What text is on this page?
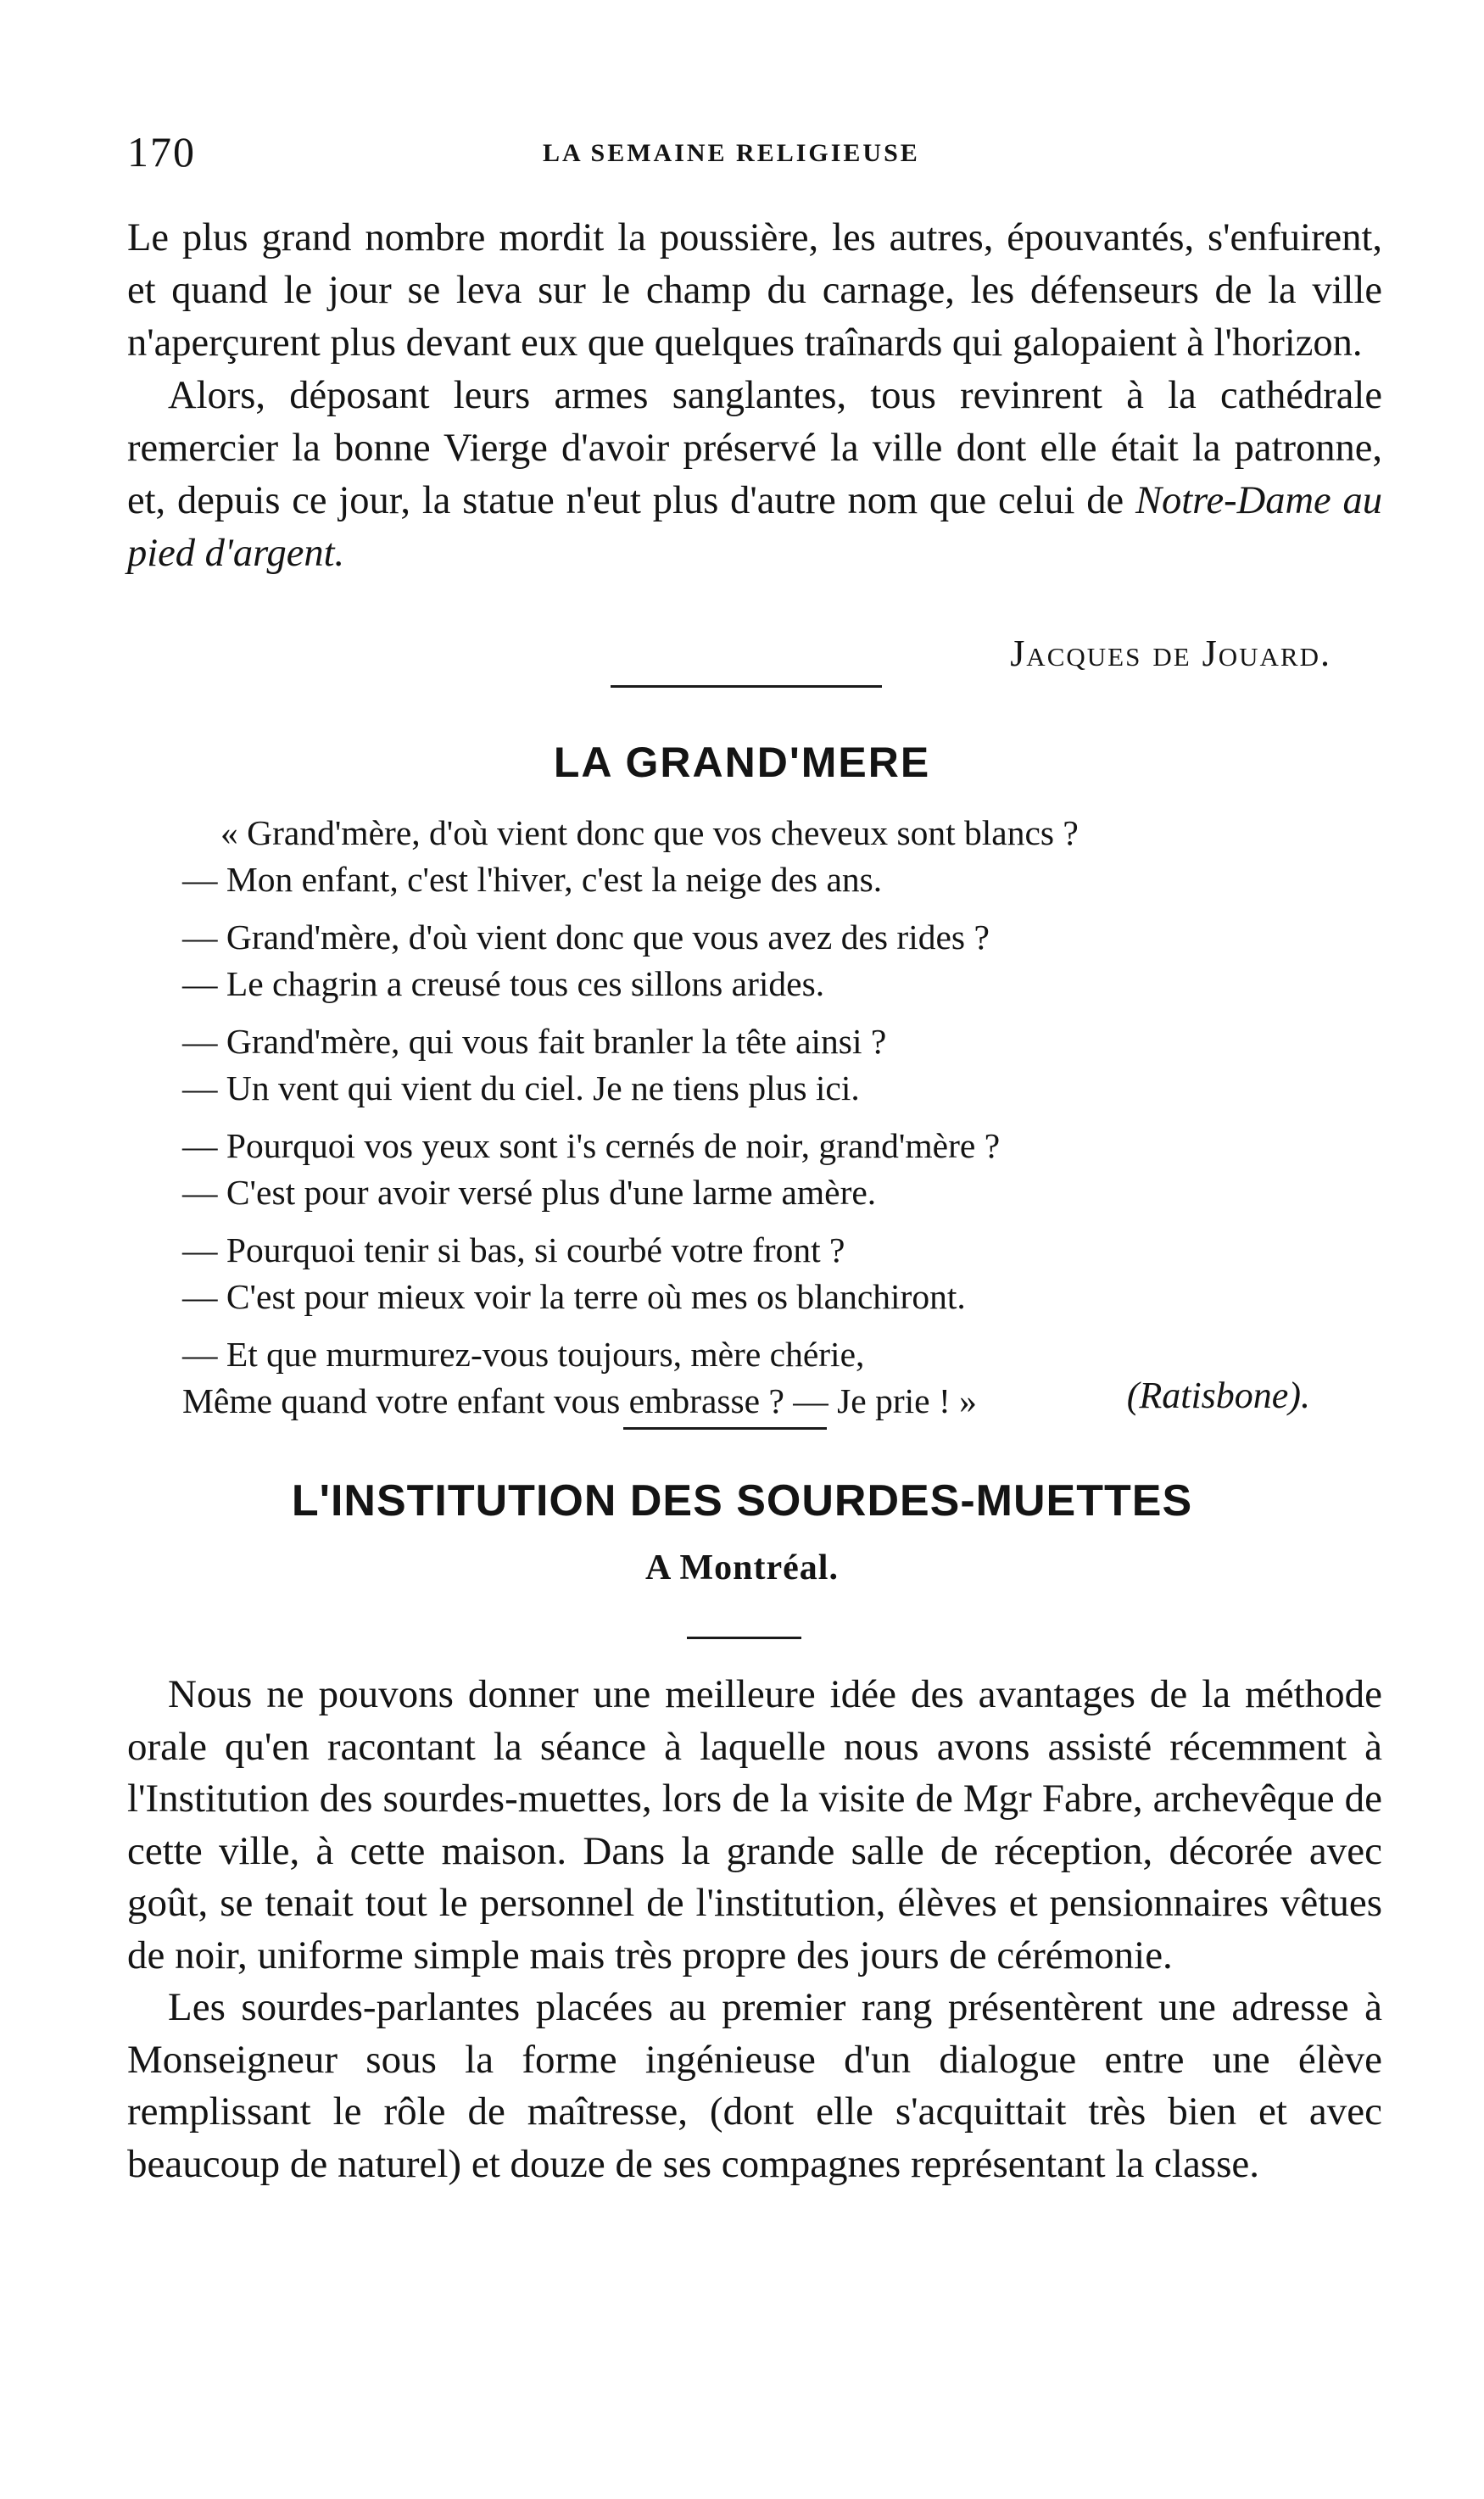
170	LA SEMAINE RELIGIEUSE

Le plus grand nombre mordit la poussière, les autres, épouvantés, s'enfuirent, et quand le jour se leva sur le champ du carnage, les défenseurs de la ville n'aperçurent plus devant eux que quelques traînards qui galopaient à l'horizon.

Alors, déposant leurs armes sanglantes, tous revinrent à la cathédrale remercier la bonne Vierge d'avoir préservé la ville dont elle était la patronne, et, depuis ce jour, la statue n'eut plus d'autre nom que celui de Notre-Dame au pied d'argent.

Jacques de Jouard.
LA GRAND'MERE
« Grand'mère, d'où vient donc que vos cheveux sont blancs ?
— Mon enfant, c'est l'hiver, c'est la neige des ans.
— Grand'mère, d'où vient donc que vous avez des rides ?
— Le chagrin a creusé tous ces sillons arides.
— Grand'mère, qui vous fait branler la tête ainsi ?
— Un vent qui vient du ciel. Je ne tiens plus ici.
— Pourquoi vos yeux sont i's cernés de noir, grand'mère ?
— C'est pour avoir versé plus d'une larme amère.
— Pourquoi tenir si bas, si courbé votre front ?
— C'est pour mieux voir la terre où mes os blanchiront.
— Et que murmurez-vous toujours, mère chérie,
Même quand votre enfant vous embrasse ? — Je prie ! »	(Ratisbone).
L'INSTITUTION DES SOURDES-MUETTES
A Montréal.

Nous ne pouvons donner une meilleure idée des avantages de la méthode orale qu'en racontant la séance à laquelle nous avons assisté récemment à l'Institution des sourdes-muettes, lors de la visite de Mgr Fabre, archevêque de cette ville, à cette maison. Dans la grande salle de réception, décorée avec goût, se tenait tout le personnel de l'institution, élèves et pensionnaires vêtues de noir, uniforme simple mais très propre des jours de cérémonie.

Les sourdes-parlantes placées au premier rang présentèrent une adresse à Monseigneur sous la forme ingénieuse d'un dialogue entre une élève remplissant le rôle de maîtresse, (dont elle s'acquittait très bien et avec beaucoup de naturel) et douze de ses compagnes représentant la classe.
